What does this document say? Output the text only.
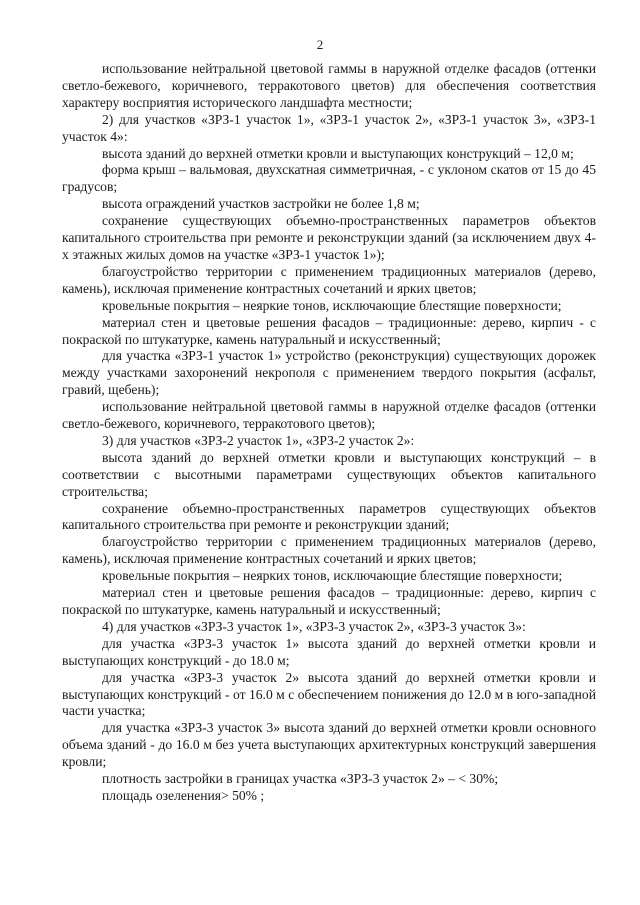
2

использование нейтральной цветовой гаммы в наружной отделке фасадов (оттенки светло-бежевого, коричневого, терракотового цветов) для обеспечения соответствия характеру восприятия исторического ландшафта местности;

2) для участков «ЗРЗ-1 участок 1», «ЗРЗ-1 участок 2», «ЗРЗ-1 участок 3», «ЗРЗ-1 участок 4»:

высота зданий до верхней отметки кровли и выступающих конструкций – 12,0 м;

форма крыш – вальмовая, двухскатная симметричная, - с уклоном скатов от 15 до 45 градусов;

высота ограждений участков застройки не более 1,8 м;

сохранение существующих объемно-пространственных параметров объектов капитального строительства при ремонте и реконструкции зданий (за исключением двух 4-х этажных жилых домов на участке «ЗРЗ-1 участок 1»);

благоустройство территории с применением традиционных материалов (дерево, камень), исключая применение контрастных сочетаний и ярких цветов;

кровельные покрытия – неяркие тонов, исключающие блестящие поверхности;

материал стен и цветовые решения фасадов – традиционные: дерево, кирпич - с покраской по штукатурке, камень натуральный и искусственный;

для участка «ЗРЗ-1 участок 1» устройство (реконструкция) существующих дорожек между участками захоронений некрополя с применением твердого покрытия (асфальт, гравий, щебень);

использование нейтральной цветовой гаммы в наружной отделке фасадов (оттенки светло-бежевого, коричневого, терракотового цветов);

3) для участков «ЗРЗ-2 участок 1», «ЗРЗ-2 участок 2»:

высота зданий до верхней отметки кровли и выступающих конструкций – в соответствии с высотными параметрами существующих объектов капитального строительства;

сохранение объемно-пространственных параметров существующих объектов капитального строительства при ремонте и реконструкции зданий;

благоустройство территории с применением традиционных материалов (дерево, камень), исключая применение контрастных сочетаний и ярких цветов;

кровельные покрытия – неярких тонов, исключающие блестящие поверхности;

материал стен и цветовые решения фасадов – традиционные: дерево, кирпич с покраской по штукатурке, камень натуральный и искусственный;

4) для участков «ЗРЗ-3 участок 1», «ЗРЗ-3 участок 2», «ЗРЗ-3 участок 3»:

для участка «ЗРЗ-3 участок 1» высота зданий до верхней отметки кровли и выступающих конструкций - до 18.0 м;

для участка «ЗРЗ-3 участок 2» высота зданий до верхней отметки кровли и выступающих конструкций - от 16.0 м с обеспечением понижения до 12.0 м в юго-западной части участка;

для участка «ЗРЗ-3 участок 3» высота зданий до верхней отметки кровли основного объема зданий - до 16.0 м без учета выступающих архитектурных конструкций завершения кровли;

плотность застройки в границах участка «ЗРЗ-3 участок 2» – < 30%;

площадь озеленения> 50% ;
